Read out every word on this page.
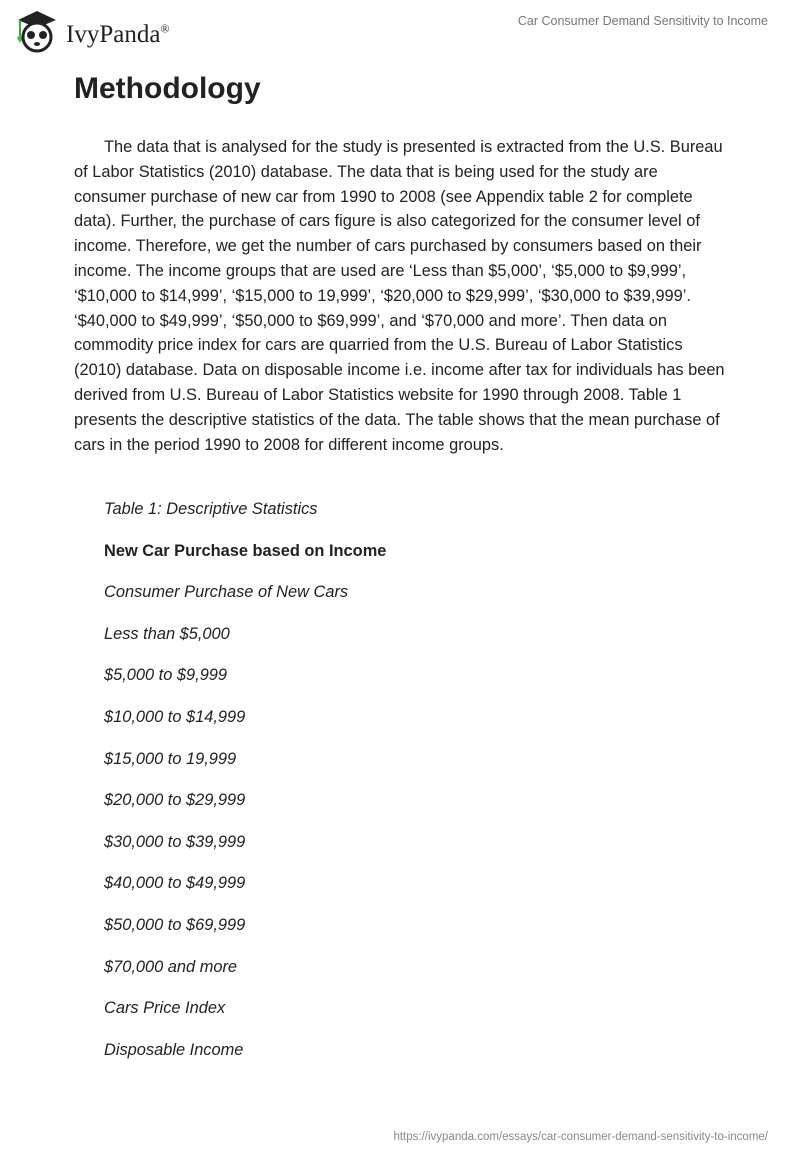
IvyPanda®
Car Consumer Demand Sensitivity to Income
Methodology

The data that is analysed for the study is presented is extracted from the U.S. Bureau of Labor Statistics (2010) database. The data that is being used for the study are consumer purchase of new car from 1990 to 2008 (see Appendix table 2 for complete data). Further, the purchase of cars figure is also categorized for the consumer level of income. Therefore, we get the number of cars purchased by consumers based on their income. The income groups that are used are ‘Less than $5,000’, ‘$5,000 to $9,999’, ‘$10,000 to $14,999’, ‘$15,000 to 19,999’, ‘$20,000 to $29,999’, ‘$30,000 to $39,999’. ‘$40,000 to $49,999’, ‘$50,000 to $69,999’, and ‘$70,000 and more’. Then data on commodity price index for cars are quarried from the U.S. Bureau of Labor Statistics (2010) database. Data on disposable income i.e. income after tax for individuals has been derived from U.S. Bureau of Labor Statistics website for 1990 through 2008. Table 1 presents the descriptive statistics of the data. The table shows that the mean purchase of cars in the period 1990 to 2008 for different income groups.

Table 1: Descriptive Statistics
New Car Purchase based on Income
Consumer Purchase of New Cars
Less than $5,000
$5,000 to $9,999
$10,000 to $14,999
$15,000 to 19,999
$20,000 to $29,999
$30,000 to $39,999
$40,000 to $49,999
$50,000 to $69,999
$70,000 and more
Cars Price Index
Disposable Income
https://ivypanda.com/essays/car-consumer-demand-sensitivity-to-income/
